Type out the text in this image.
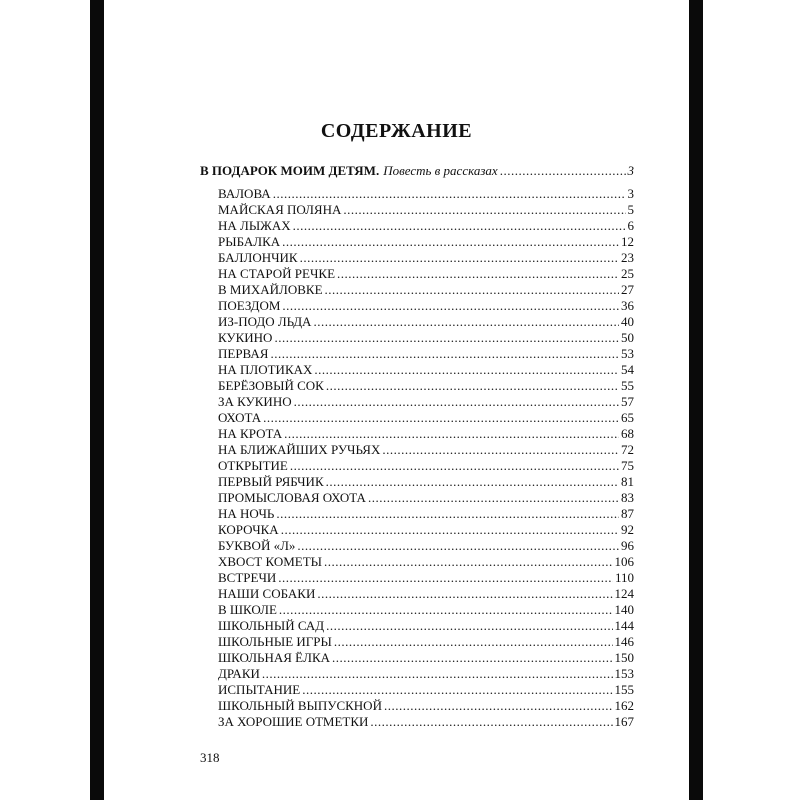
СОДЕРЖАНИЕ
В ПОДАРОК МОИМ ДЕТЯМ. Повесть в рассказах .....	3
ВАЛОВА .....	3
МАЙСКАЯ ПОЛЯНА .....	5
НА ЛЫЖАХ .....	6
РЫБАЛКА .....	12
БАЛЛОНЧИК .....	23
НА СТАРОЙ РЕЧКЕ .....	25
В МИХАЙЛОВКЕ .....	27
ПОЕЗДОМ .....	36
ИЗ-ПОДО ЛЬДА .....	40
КУКИНО .....	50
ПЕРВАЯ .....	53
НА ПЛОТИКАХ .....	54
БЕРЁЗОВЫЙ СОК .....	55
ЗА КУКИНО .....	57
ОХОТА .....	65
НА КРОТА .....	68
НА БЛИЖАЙШИХ РУЧЬЯХ .....	72
ОТКРЫТИЕ .....	75
ПЕРВЫЙ РЯБЧИК .....	81
ПРОМЫСЛОВАЯ ОХОТА .....	83
НА НОЧЬ .....	87
КОРОЧКА .....	92
БУКВОЙ «Л» .....	96
ХВОСТ КОМЕТЫ .....	106
ВСТРЕЧИ .....	110
НАШИ СОБАКИ .....	124
В ШКОЛЕ .....	140
ШКОЛЬНЫЙ САД .....	144
ШКОЛЬНЫЕ ИГРЫ .....	146
ШКОЛЬНАЯ ЁЛКА .....	150
ДРАКИ .....	153
ИСПЫТАНИЕ .....	155
ШКОЛЬНЫЙ ВЫПУСКНОЙ .....	162
ЗА ХОРОШИЕ ОТМЕТКИ .....	167
318
